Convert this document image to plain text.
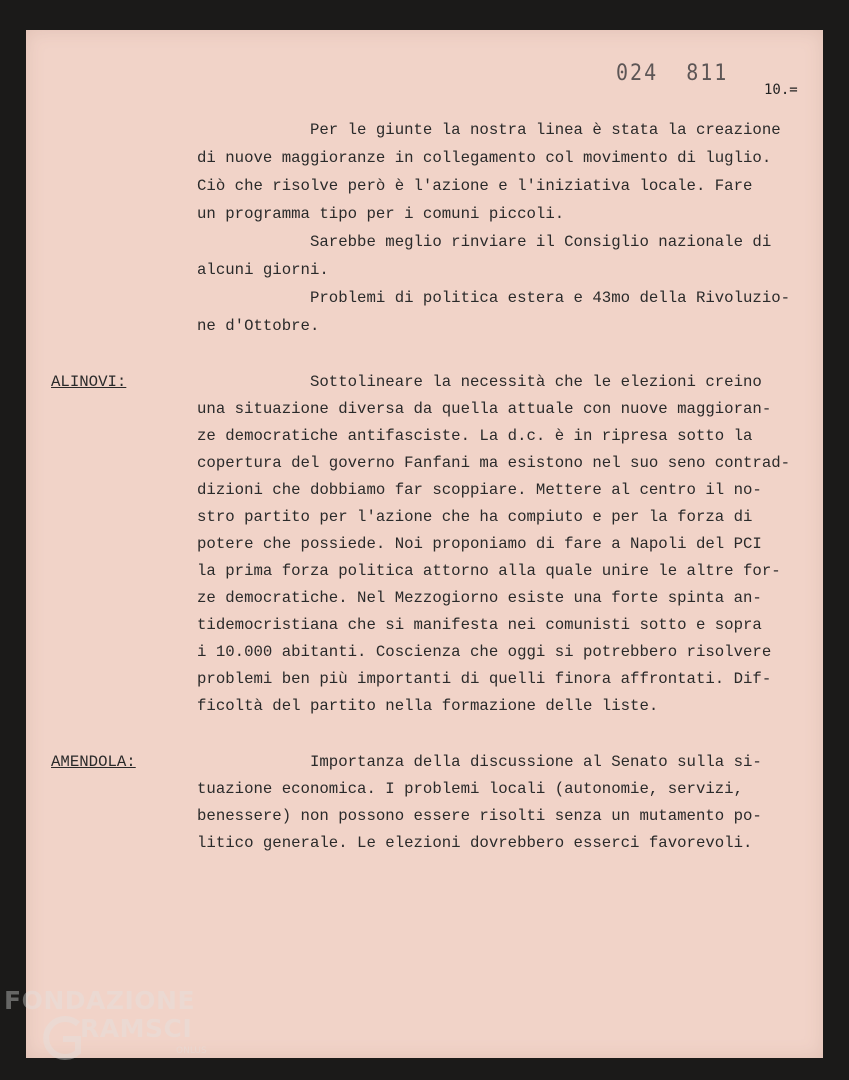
024  811
10.=

Per le giunte la nostra linea è stata la creazione

di nuove maggioranze in collegamento col movimento di luglio.

Ciò che risolve però è l'azione e l'iniziativa locale. Fare

un programma tipo per i comuni piccoli.

Sarebbe meglio rinviare il Consiglio nazionale di

alcuni giorni.

Problemi di politica estera e 43mo della Rivoluzio-

ne d'Ottobre.

ALINOVI:	Sottolineare la necessità che le elezioni creino

una situazione diversa da quella attuale con nuove maggioran-

ze democratiche antifasciste. La d.c. è in ripresa sotto la

copertura del governo Fanfani ma esistono nel suo seno contrad-

dizioni che dobbiamo far scoppiare. Mettere al centro il no-

stro partito per l'azione che ha compiuto e per la forza di

potere che possiede. Noi proponiamo di fare a Napoli del PCI

la prima forza politica attorno alla quale unire le altre for-

ze democratiche. Nel Mezzogiorno esiste una forte spinta an-

tidemocristiana che si manifesta nei comunisti sotto e sopra

i 10.000 abitanti. Coscienza che oggi si potrebbero risolvere

problemi ben più importanti di quelli finora affrontati. Dif-

ficoltà del partito nella formazione delle liste.

AMENDOLA:	Importanza della discussione al Senato sulla si-

tuazione economica. I problemi locali (autonomie, servizi,

benessere) non possono essere risolti senza un mutamento po-

litico generale. Le elezioni dovrebbero esserci favorevoli.

FONDAZIONE
RAMSCI
ONLUS
